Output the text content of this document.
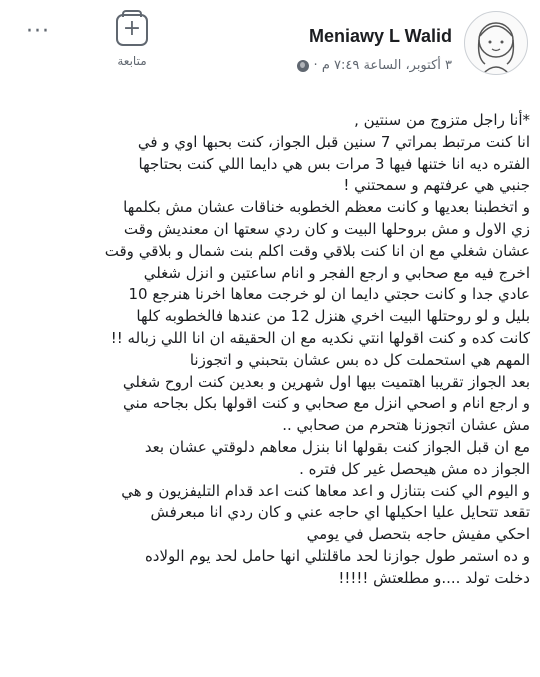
···	+
متابعة
Meniawy L Walid
٣ أكتوبر، الساعة ٧:٤٩ م ·
*أنا راجل متزوج من سنتين ,
انا كنت مرتبط بمراتي 7 سنين قبل الجواز، كنت بحبها اوي و في
الفتره ديه انا ختنها فيها 3 مرات بس هي دايما اللي كنت بحتاجها
جنبي هي عرفتهم و سمحتني !
و اتخطبنا بعديها و كانت معظم الخطوبه خناقات عشان مش بكلمها
زي الاول و مش بروحلها البيت و كان ردي سعتها ان معنديش وقت
عشان شغلي مع ان انا كنت بلاقي وقت اكلم بنت شمال و بلاقي وقت
اخرج فيه مع صحابي و ارجع الفجر و انام ساعتين و انزل شغلي
عادي جدا و كانت حجتي دايما ان لو خرجت معاها اخرنا هنرجع 10
بليل و لو روحتلها البيت اخري هنزل 12 من عندها فالخطوبه كلها
كانت كده و كنت اقولها انتي نكديه مع ان الحقيقه ان انا اللي زباله !!
المهم هي استحملت كل ده بس عشان بتحبني و اتجوزنا
بعد الجواز تقريبا اهتميت بيها اول شهرين و بعدين كنت اروح شغلي
و ارجع انام و اصحي انزل مع صحابي و كنت اقولها بكل بجاحه مني
مش عشان اتجوزنا هتحرم من صحابي ..
مع ان قبل الجواز كنت بقولها انا بنزل معاهم دلوقتي عشان بعد
الجواز ده مش هيحصل غير كل فتره .
و اليوم الي كنت بتنازل و اعد معاها كنت اعد قدام التليفزيون و هي
تقعد تتحايل عليا احكيلها اي حاجه عني و كان ردي انا مبعرفش
احكي مفيش حاجه بتحصل في يومي
و ده استمر طول جوازنا لحد ماقلتلي انها حامل لحد يوم الولاده
دخلت تولد ....و مطلعتش !!!!!
